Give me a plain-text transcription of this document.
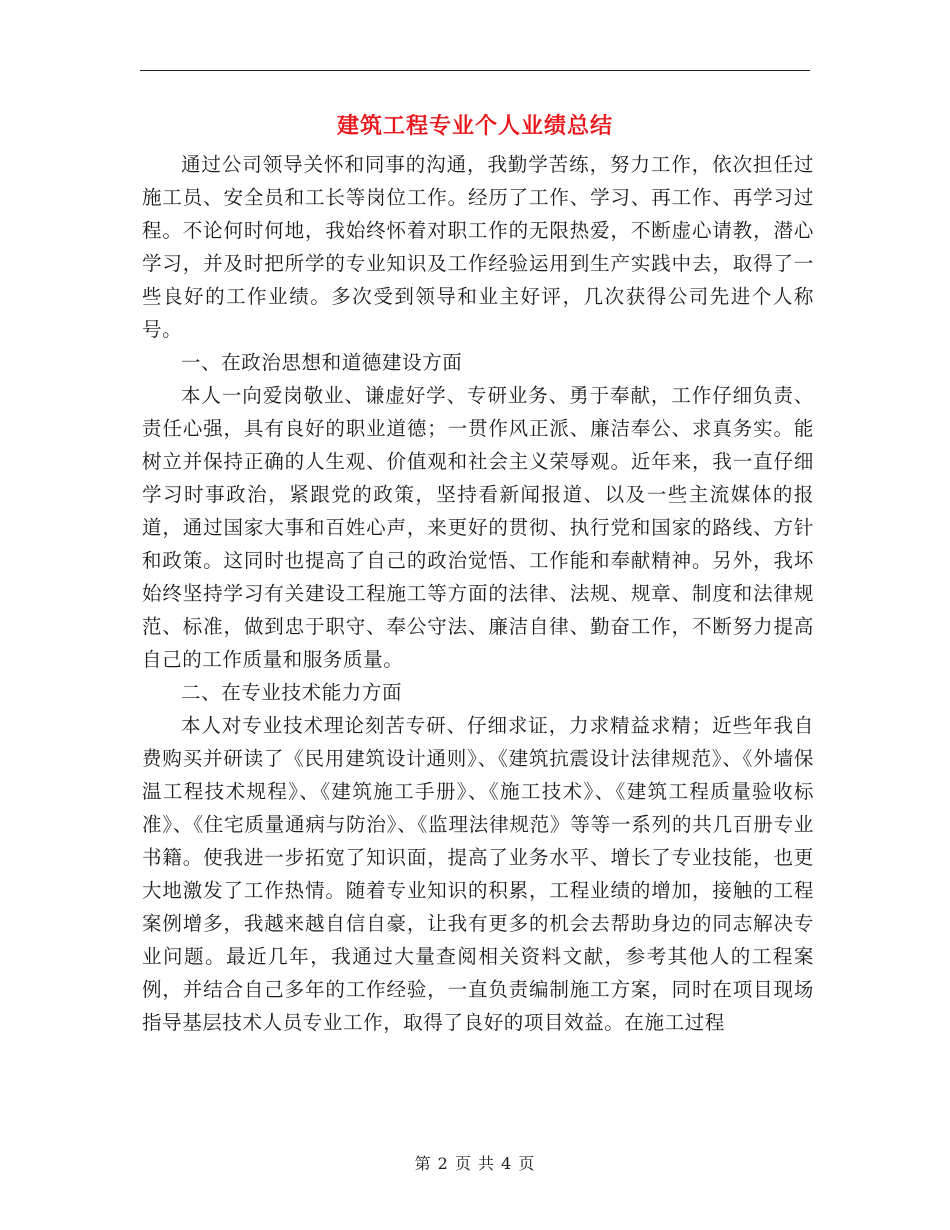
建筑工程专业个人业绩总结

通过公司领导关怀和同事的沟通，我勤学苦练，努力工作，依次担任过施工员、安全员和工长等岗位工作。经历了工作、学习、再工作、再学习过程。不论何时何地，我始终怀着对职工作的无限热爱，不断虚心请教，潜心学习，并及时把所学的专业知识及工作经验运用到生产实践中去，取得了一些良好的工作业绩。多次受到领导和业主好评，几次获得公司先进个人称号。

一、在政治思想和道德建设方面

本人一向爱岗敬业、谦虚好学、专研业务、勇于奉献，工作仔细负责、责任心强，具有良好的职业道德；一贯作风正派、廉洁奉公、求真务实。能树立并保持正确的人生观、价值观和社会主义荣辱观。近年来，我一直仔细学习时事政治，紧跟党的政策，坚持看新闻报道、以及一些主流媒体的报道，通过国家大事和百姓心声，来更好的贯彻、执行党和国家的路线、方针和政策。这同时也提高了自己的政治觉悟、工作能和奉献精神。另外，我坏始终坚持学习有关建设工程施工等方面的法律、法规、规章、制度和法律规范、标准，做到忠于职守、奉公守法、廉洁自律、勤奋工作，不断努力提高自己的工作质量和服务质量。

二、在专业技术能力方面

本人对专业技术理论刻苦专研、仔细求证，力求精益求精；近些年我自费购买并研读了《民用建筑设计通则》、《建筑抗震设计法律规范》、《外墙保温工程技术规程》、《建筑施工手册》、《施工技术》、《建筑工程质量验收标准》、《住宅质量通病与防治》、《监理法律规范》等等一系列的共几百册专业书籍。使我进一步拓宽了知识面，提高了业务水平、增长了专业技能，也更大地激发了工作热情。随着专业知识的积累，工程业绩的增加，接触的工程案例增多，我越来越自信自豪，让我有更多的机会去帮助身边的同志解决专业问题。最近几年，我通过大量查阅相关资料文献，参考其他人的工程案例，并结合自己多年的工作经验，一直负责编制施工方案，同时在项目现场指导基层技术人员专业工作，取得了良好的项目效益。在施工过程

第 2 页 共 4 页
